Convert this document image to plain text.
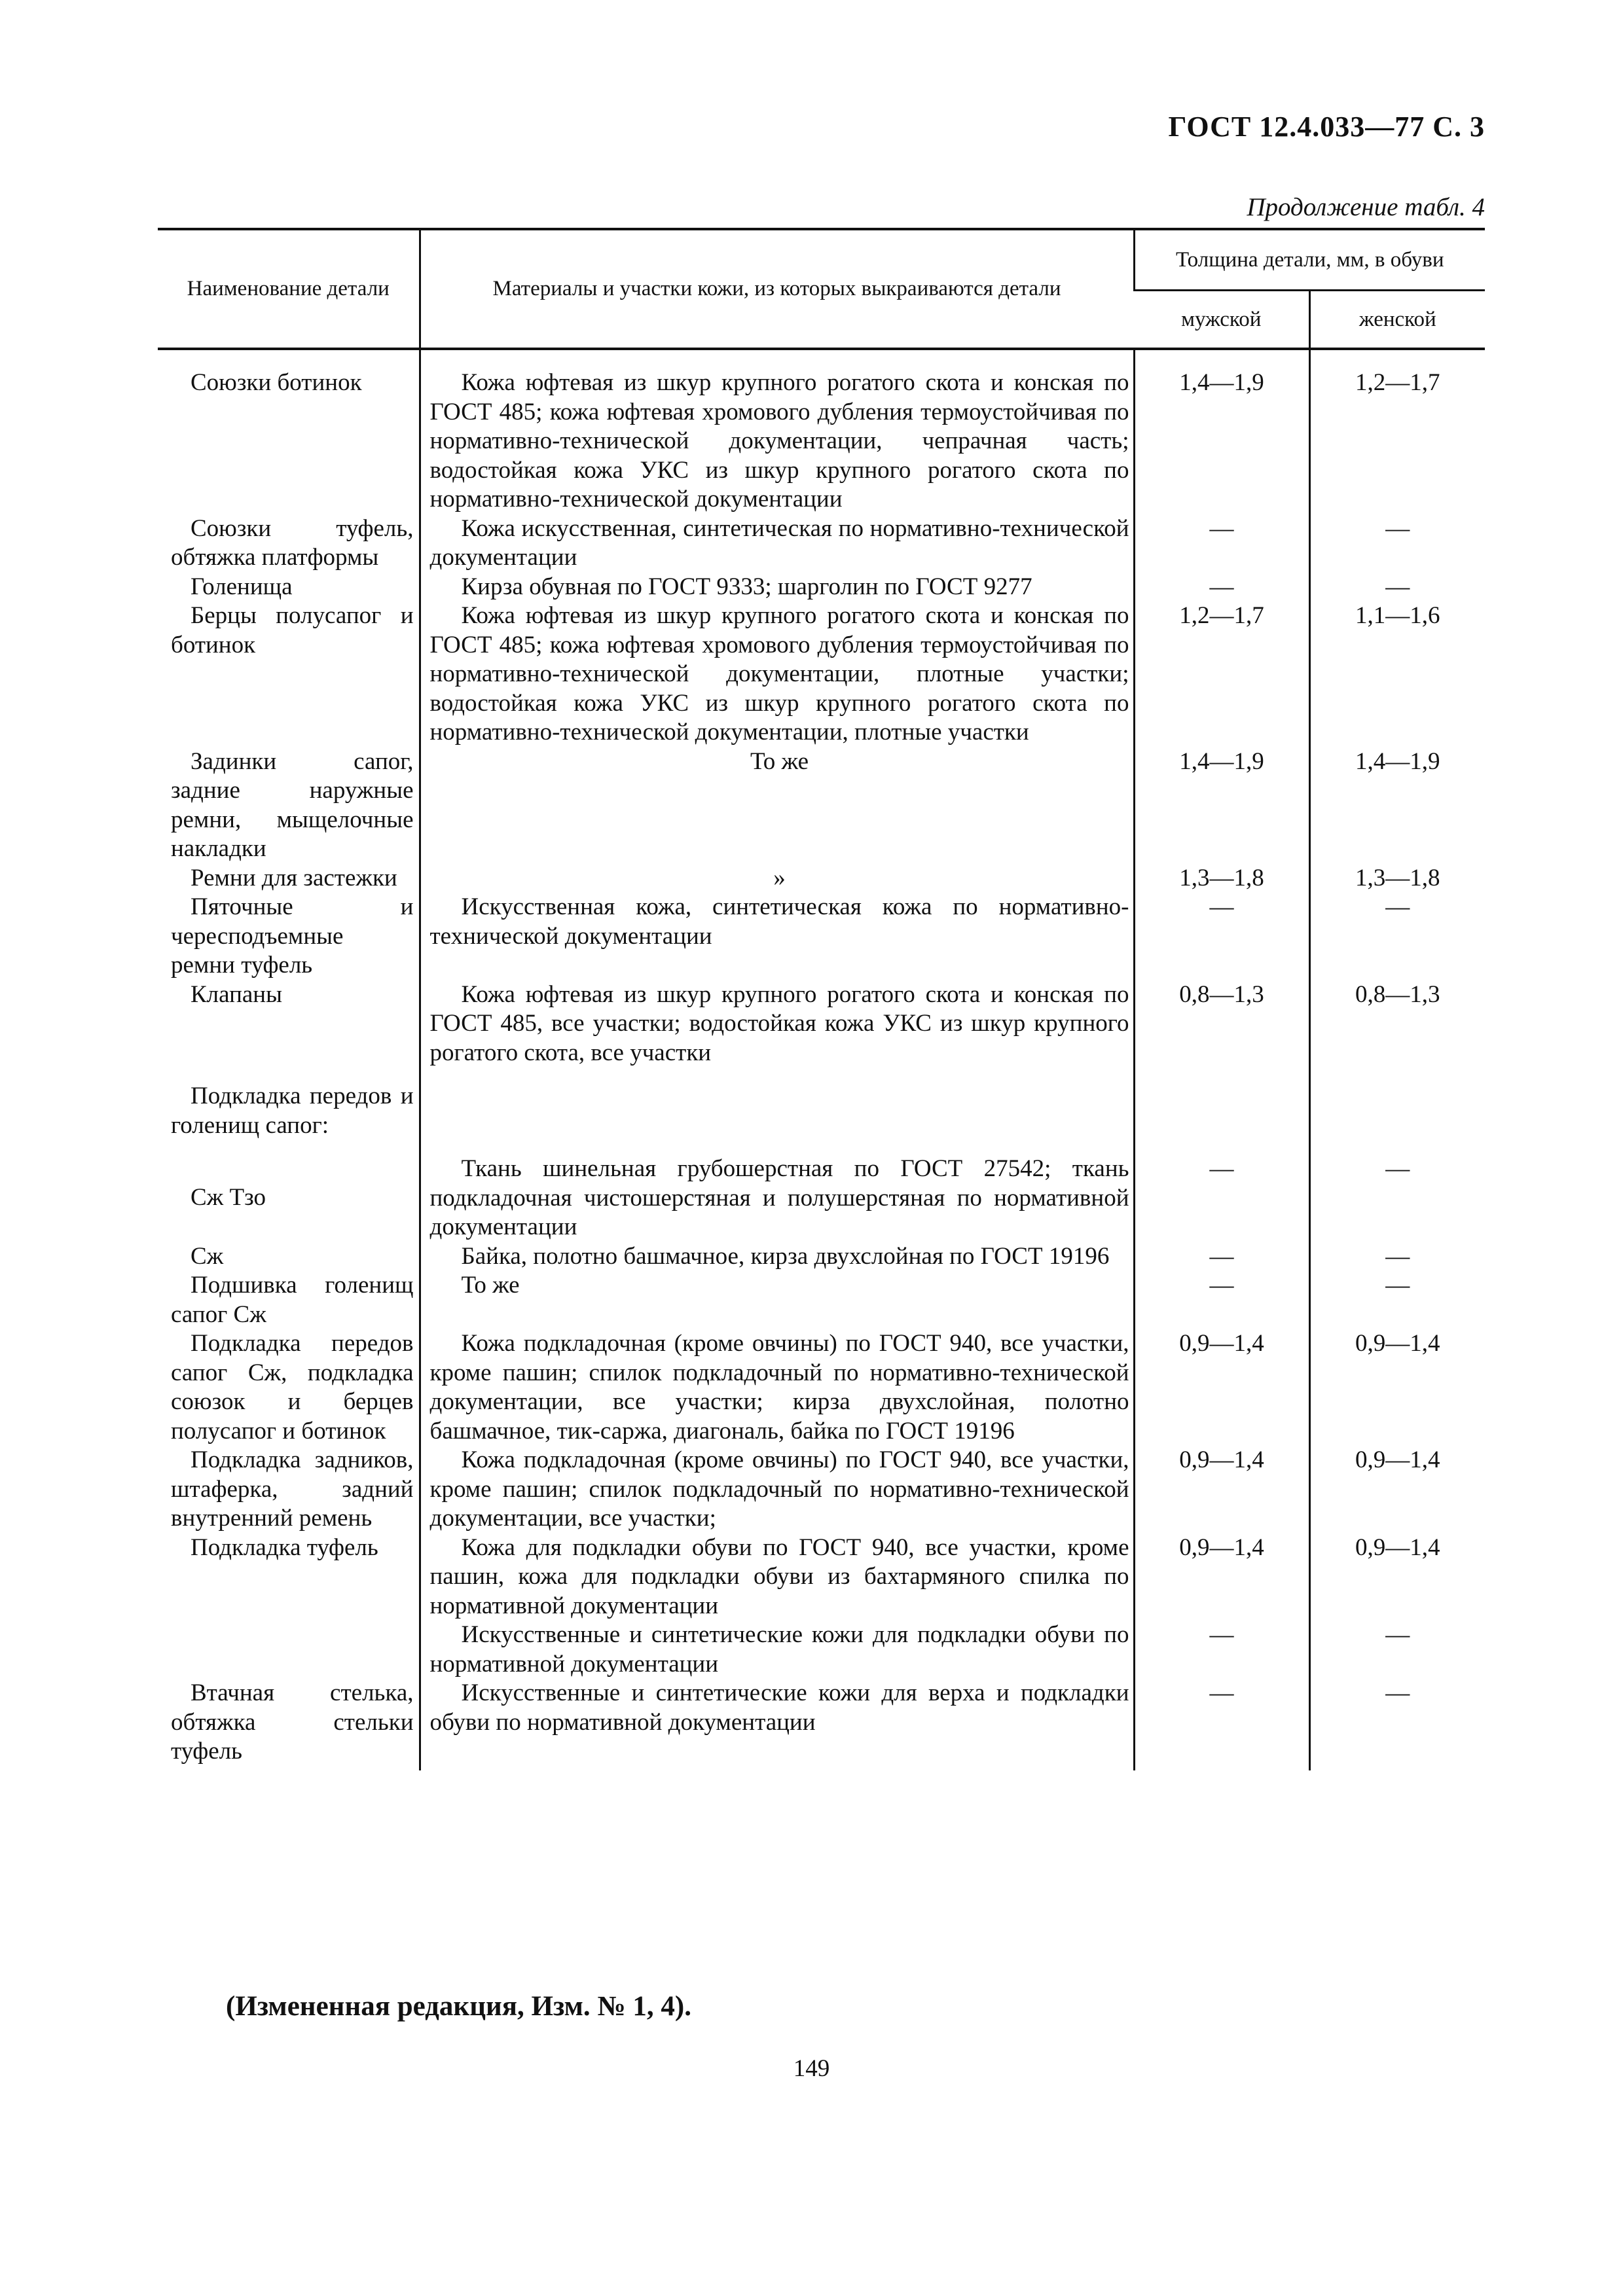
ГОСТ 12.4.033—77 С. 3
Продолжение табл. 4
Наименование детали	Материалы и участки кожи, из которых выкраиваются детали	Толщина детали, мм, в обуви	
		мужской	женской

Союзки ботинок	Кожа юфтевая из шкур крупного рогатого скота и конская по ГОСТ 485; кожа юфтевая хромового дубления термоустойчивая по нормативно-технической документации, чепрачная часть; водостойкая кожа УКС из шкур крупного рогатого скота по нормативно-технической документации	1,4—1,9	1,2—1,7

Союзки туфель, обтяжка платформы	Кожа искусственная, синтетическая по нормативно-технической документации	—	—

Голенища	Кирза обувная по ГОСТ 9333; шарголин по ГОСТ 9277	—	—

Берцы полусапог и ботинок	Кожа юфтевая из шкур крупного рогатого скота и конская по ГОСТ 485; кожа юфтевая хромового дубления термоустойчивая по нормативно-технической документации, плотные участки; водостойкая кожа УКС из шкур крупного рогатого скота по нормативно-технической документации, плотные участки	1,2—1,7	1,1—1,6

Задинки сапог, задние наружные ремни, мыщелочные накладки	То же	1,4—1,9	1,4—1,9

Ремни для застежки	»	1,3—1,8	1,3—1,8

Пяточные и чересподъемные ремни туфель	Искусственная кожа, синтетическая кожа по нормативно-технической документации	—	—

Клапаны	Кожа юфтевая из шкур крупного рогатого скота и конская по ГОСТ 485, все участки; водостойкая кожа УКС из шкур крупного рогатого скота, все участки	0,8—1,3	0,8—1,3

Подкладка передов и голенищ сапог:			

Сж Тзо	Ткань шинельная грубошерстная по ГОСТ 27542; ткань подкладочная чистошерстяная и полушерстяная по нормативной документации	—	—

Сж	Байка, полотно башмачное, кирза двухслойная по ГОСТ 19196	—	—

Подшивка голенищ сапог Сж	То же	—	—

Подкладка передов сапог Сж, подкладка союзок и берцев полусапог и ботинок	Кожа подкладочная (кроме овчины) по ГОСТ 940, все участки, кроме пашин; спилок подкладочный по нормативно-технической документации, все участки; кирза двухслойная, полотно башмачное, тик-саржа, диагональ, байка по ГОСТ 19196	0,9—1,4	0,9—1,4

Подкладка задников, штаферка, задний внутренний ремень	Кожа подкладочная (кроме овчины) по ГОСТ 940, все участки, кроме пашин; спилок подкладочный по нормативно-технической документации, все участки;	0,9—1,4	0,9—1,4

Подкладка туфель	Кожа для подкладки обуви по ГОСТ 940, все участки, кроме пашин, кожа для подкладки обуви из бахтармяного спилка по нормативной документации	0,9—1,4	0,9—1,4

	Искусственные и синтетические кожи для подкладки обуви по нормативной документации	—	—

Втачная стелька, обтяжка стельки туфель	Искусственные и синтетические кожи для верха и подкладки обуви по нормативной документации	—	—
(Измененная редакция, Изм. № 1, 4).
149
